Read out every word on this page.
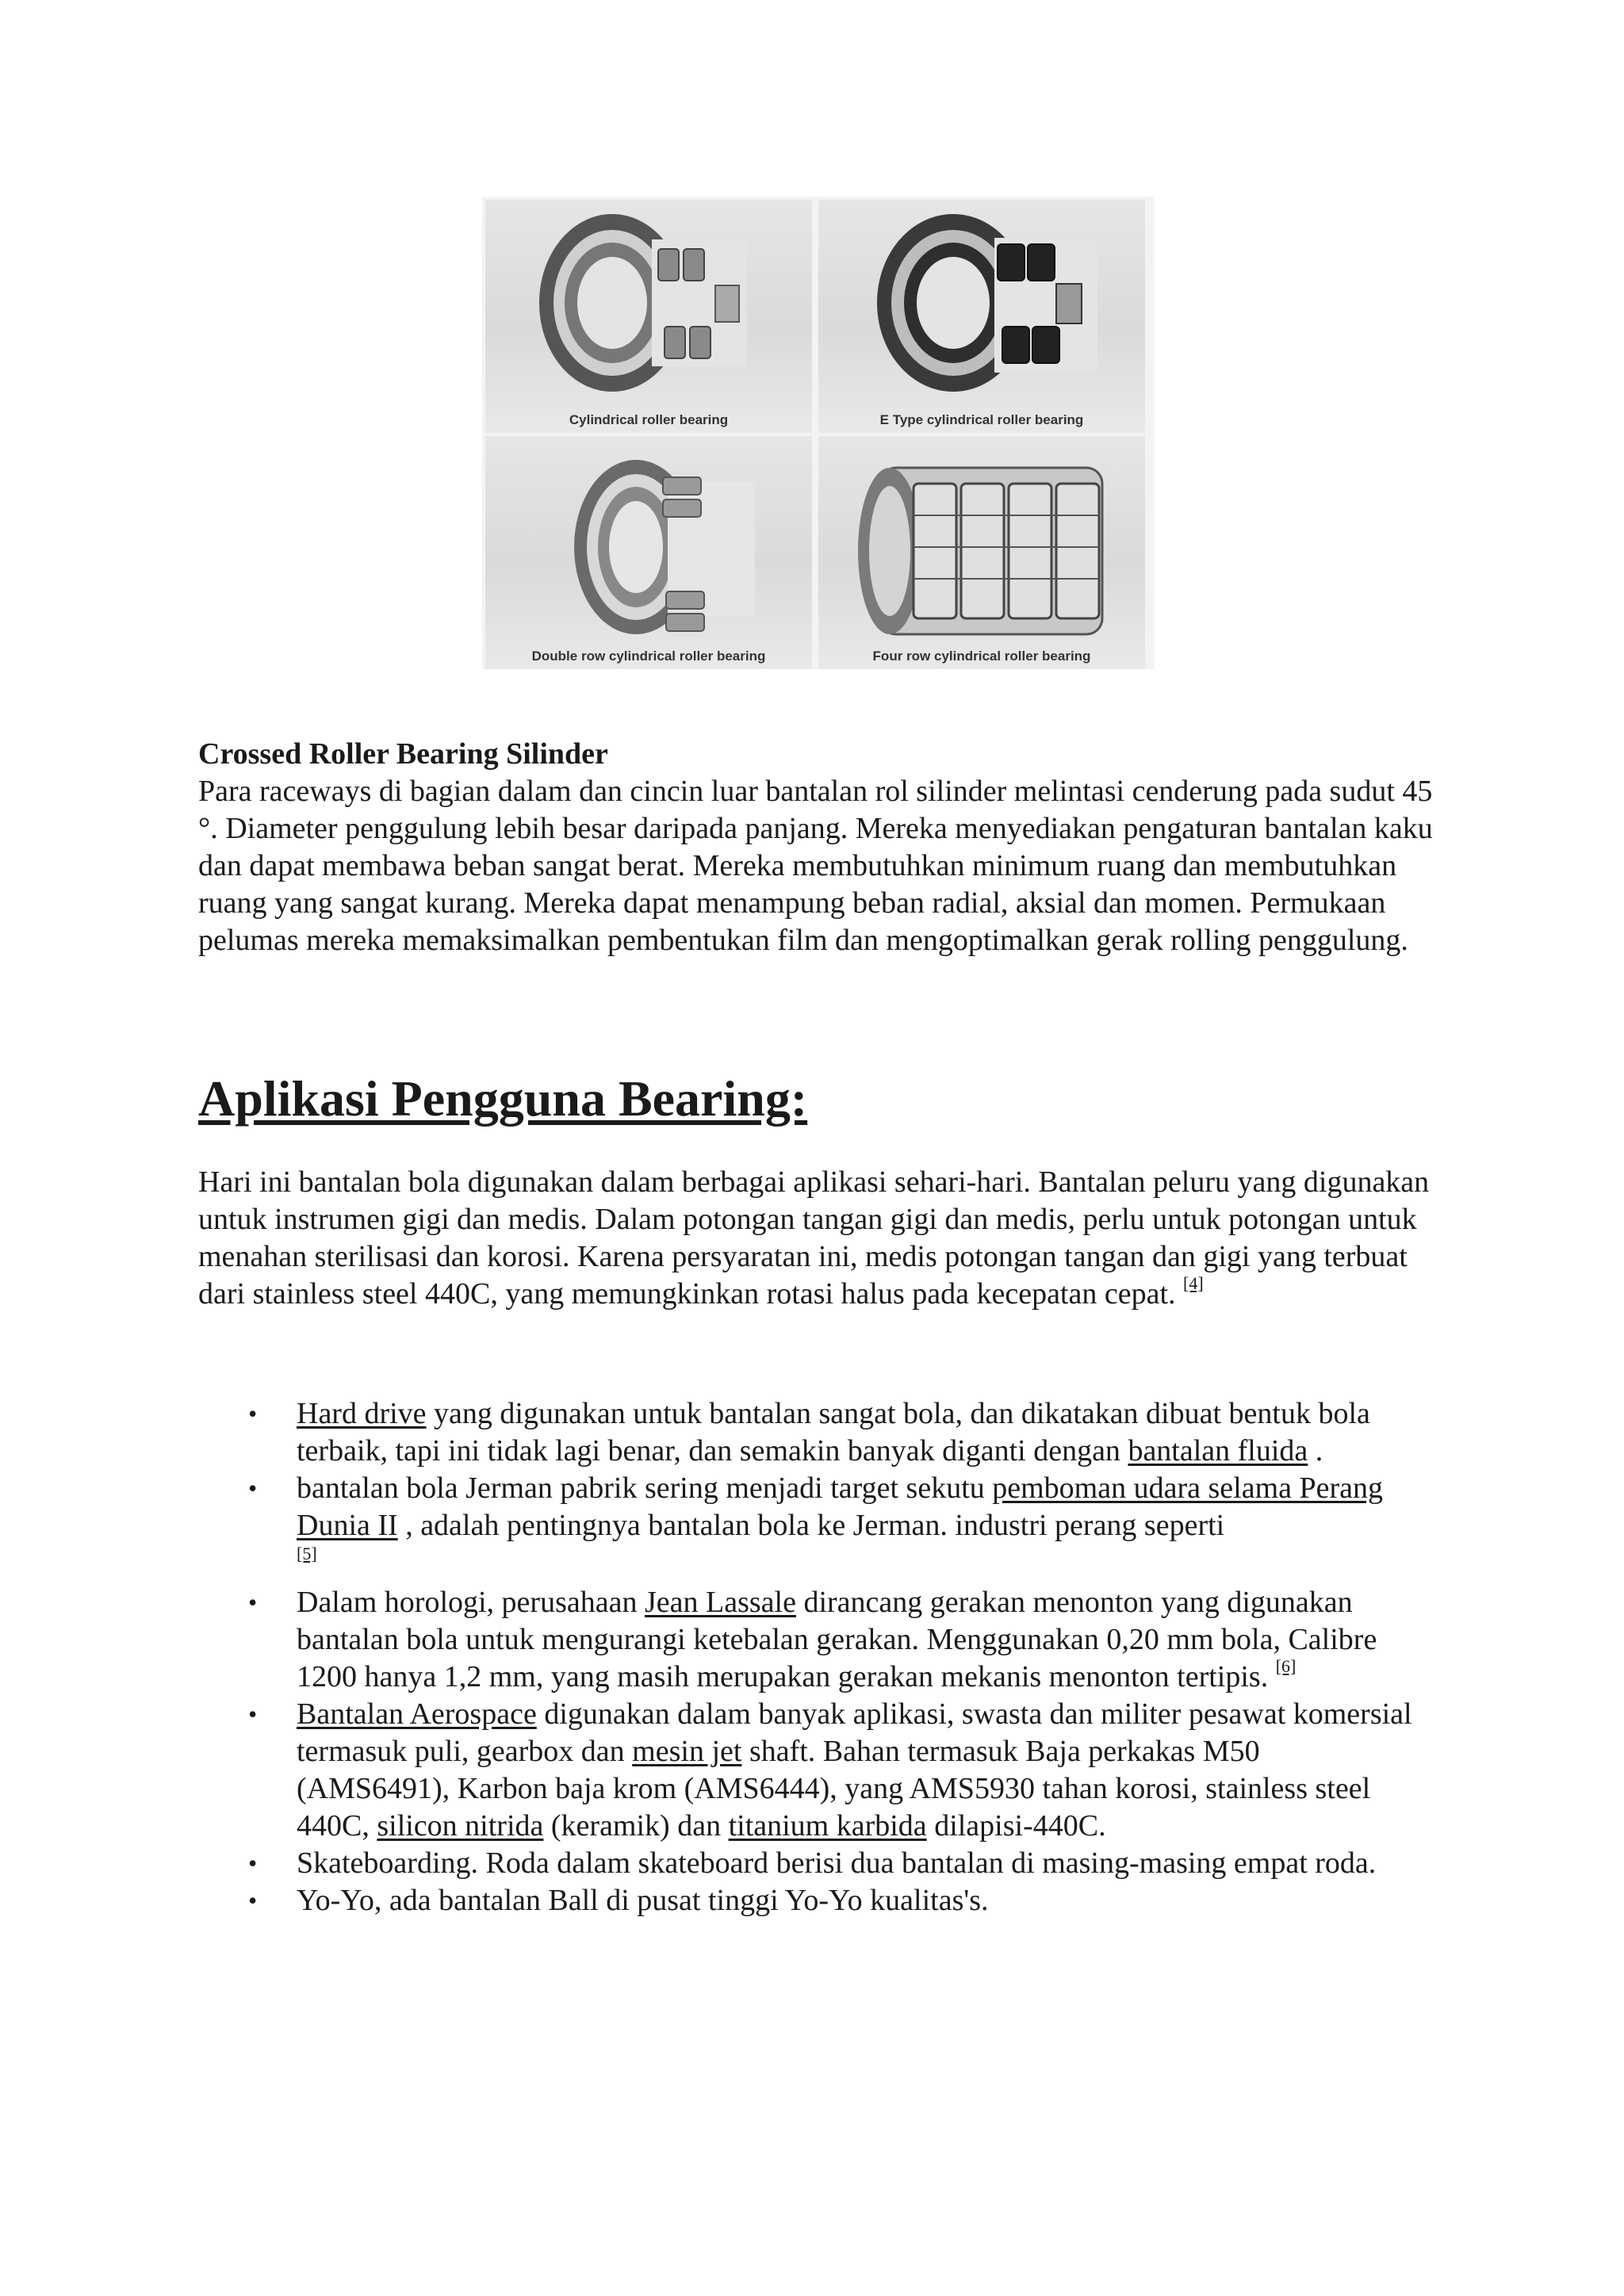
Cylindrical roller bearing	E Type cylindrical roller bearing
Double row cylindrical roller bearing	Four row cylindrical roller bearing
Crossed Roller Bearing Silinder
Para raceways di bagian dalam dan cincin luar bantalan rol silinder melintasi cenderung pada sudut 45 °. Diameter penggulung lebih besar daripada panjang. Mereka menyediakan pengaturan bantalan kaku dan dapat membawa beban sangat berat. Mereka membutuhkan minimum ruang dan membutuhkan ruang yang sangat kurang. Mereka dapat menampung beban radial, aksial dan momen. Permukaan pelumas mereka memaksimalkan pembentukan film dan mengoptimalkan gerak rolling penggulung.
Aplikasi Pengguna Bearing:
Hari ini bantalan bola digunakan dalam berbagai aplikasi sehari-hari. Bantalan peluru yang digunakan untuk instrumen gigi dan medis. Dalam potongan tangan gigi dan medis, perlu untuk potongan untuk menahan sterilisasi dan korosi. Karena persyaratan ini, medis potongan tangan dan gigi yang terbuat dari stainless steel 440C, yang memungkinkan rotasi halus pada kecepatan cepat. [4]
• Hard drive yang digunakan untuk bantalan sangat bola, dan dikatakan dibuat bentuk bola terbaik, tapi ini tidak lagi benar, dan semakin banyak diganti dengan bantalan fluida .
• bantalan bola Jerman pabrik sering menjadi target sekutu pemboman udara selama Perang Dunia II , adalah pentingnya bantalan bola ke Jerman. industri perang seperti
[5]
• Dalam horologi, perusahaan Jean Lassale dirancang gerakan menonton yang digunakan bantalan bola untuk mengurangi ketebalan gerakan. Menggunakan 0,20 mm bola, Calibre 1200 hanya 1,2 mm, yang masih merupakan gerakan mekanis menonton tertipis. [6]
• Bantalan Aerospace digunakan dalam banyak aplikasi, swasta dan militer pesawat komersial termasuk puli, gearbox dan mesin jet shaft. Bahan termasuk Baja perkakas M50 (AMS6491), Karbon baja krom (AMS6444), yang AMS5930 tahan korosi, stainless steel 440C, silicon nitrida (keramik) dan titanium karbida dilapisi-440C.
• Skateboarding. Roda dalam skateboard berisi dua bantalan di masing-masing empat roda.
• Yo-Yo, ada bantalan Ball di pusat tinggi Yo-Yo kualitas's.
